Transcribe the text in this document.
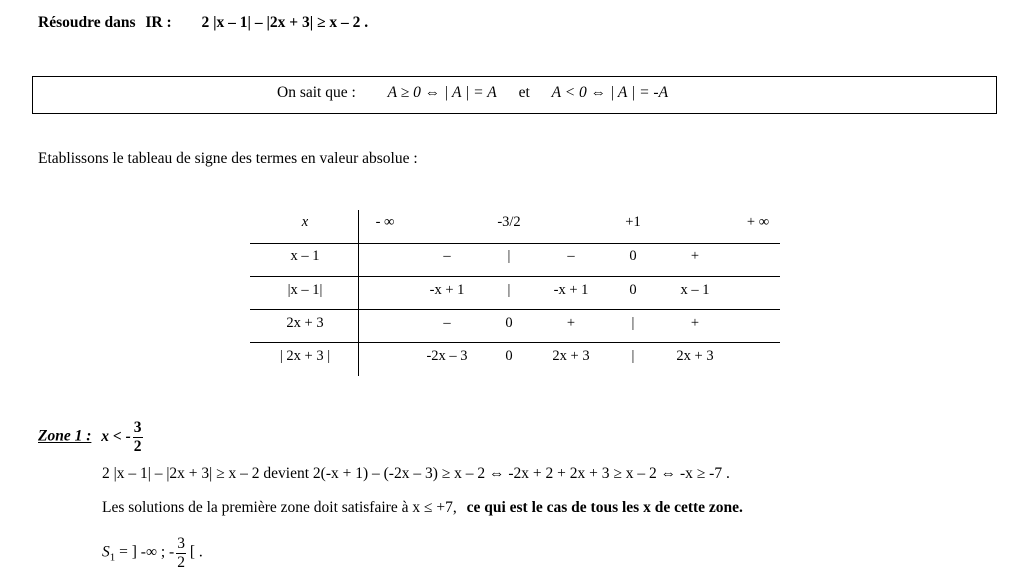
Résoudre dans IR : 2 |x – 1| – |2x + 3| ≥ x – 2 .
On sait que : A ≥ 0 ⇔ | A | = A et A < 0 ⇔ | A | = -A
Etablissons le tableau de signe des termes en valeur absolue :
x	- ∞	-3/2	+1	+ ∞
x – 1	–	|	–	0	+
|x – 1|	-x + 1	|	-x + 1	0	x – 1
2x + 3	–	0	+	|	+
| 2x + 3 |	-2x – 3	0	2x + 3	|	2x + 3
Zone 1 : x < - $\frac{3}{2}$
2 |x – 1| – |2x + 3| ≥ x – 2 devient 2(-x + 1) – (-2x – 3) ≥ x – 2 ⇔ -2x + 2 + 2x + 3 ≥ x – 2 ⇔ -x ≥ -7 .
Les solutions de la première zone doit satisfaire à x ≤ +7, ce qui est le cas de tous les x de cette zone.
$S_1$ = ] -∞ ; - $\frac{3}{2}$ [ .
